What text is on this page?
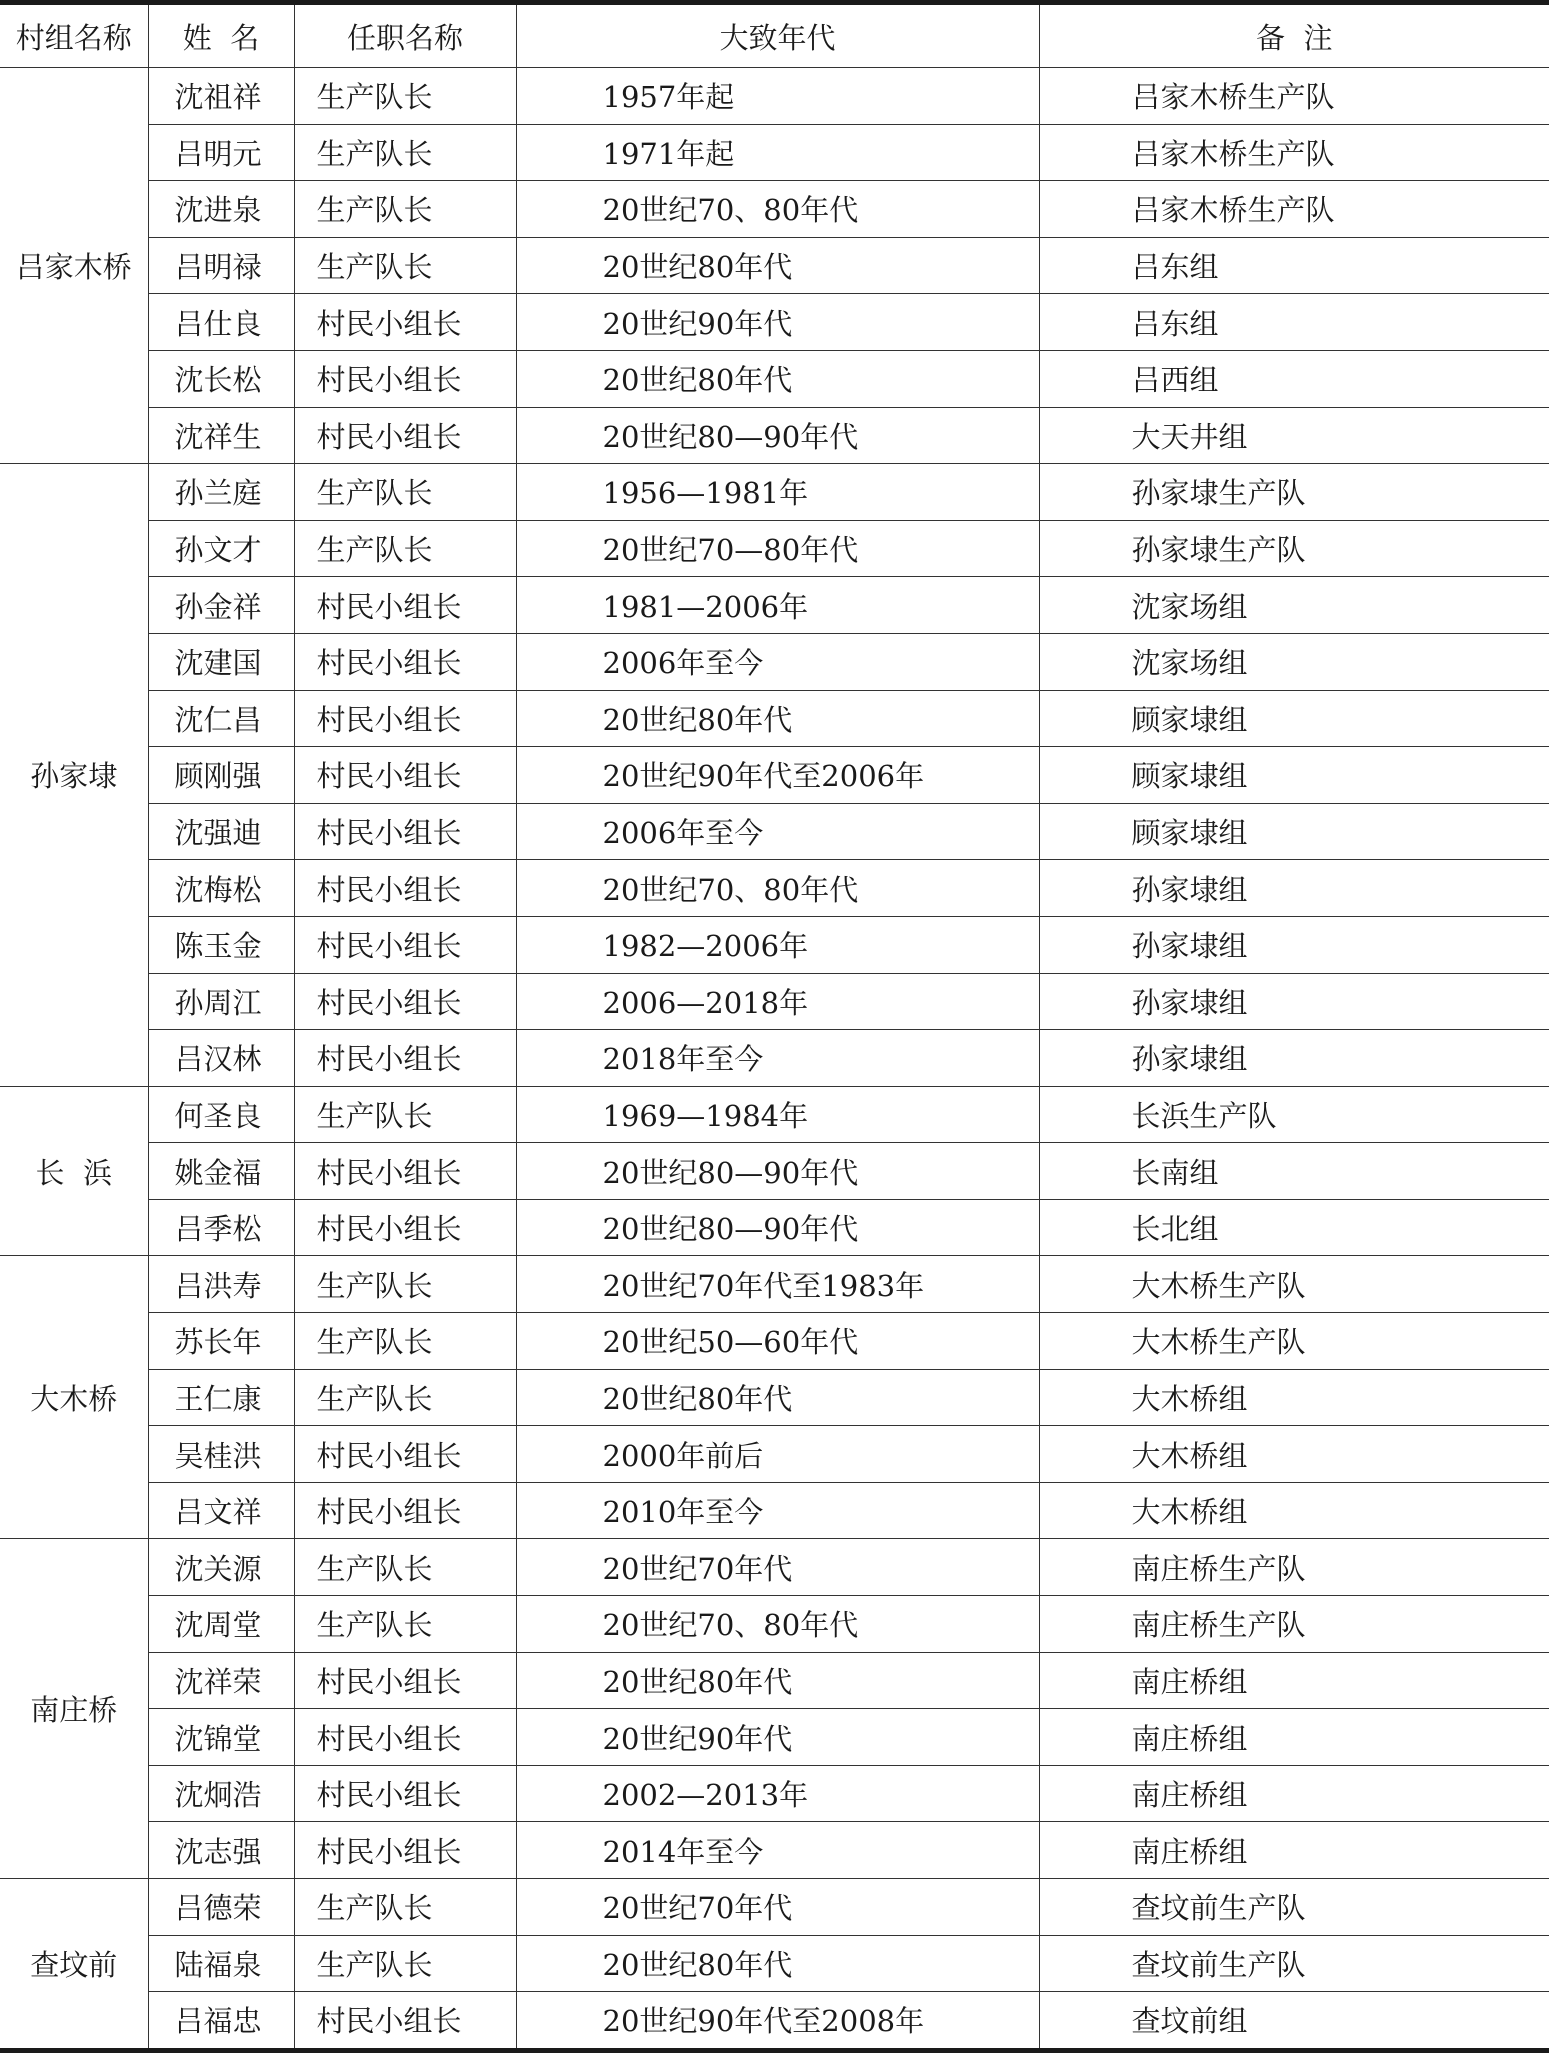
村组名称	姓  名	任职名称	大致年代	备  注
吕家木桥	沈祖祥	生产队长	1957年起	吕家木桥生产队
	吕明元	生产队长	1971年起	吕家木桥生产队
	沈进泉	生产队长	20世纪70、80年代	吕家木桥生产队
	吕明禄	生产队长	20世纪80年代	吕东组
	吕仕良	村民小组长	20世纪90年代	吕东组
	沈长松	村民小组长	20世纪80年代	吕西组
	沈祥生	村民小组长	20世纪80—90年代	大天井组
孙家埭	孙兰庭	生产队长	1956—1981年	孙家埭生产队
	孙文才	生产队长	20世纪70—80年代	孙家埭生产队
	孙金祥	村民小组长	1981—2006年	沈家场组
	沈建国	村民小组长	2006年至今	沈家场组
	沈仁昌	村民小组长	20世纪80年代	顾家埭组
	顾刚强	村民小组长	20世纪90年代至2006年	顾家埭组
	沈强迪	村民小组长	2006年至今	顾家埭组
	沈梅松	村民小组长	20世纪70、80年代	孙家埭组
	陈玉金	村民小组长	1982—2006年	孙家埭组
	孙周江	村民小组长	2006—2018年	孙家埭组
	吕汉林	村民小组长	2018年至今	孙家埭组
长  浜	何圣良	生产队长	1969—1984年	长浜生产队
	姚金福	村民小组长	20世纪80—90年代	长南组
	吕季松	村民小组长	20世纪80—90年代	长北组
大木桥	吕洪寿	生产队长	20世纪70年代至1983年	大木桥生产队
	苏长年	生产队长	20世纪50—60年代	大木桥生产队
	王仁康	生产队长	20世纪80年代	大木桥组
	吴桂洪	村民小组长	2000年前后	大木桥组
	吕文祥	村民小组长	2010年至今	大木桥组
南庄桥	沈关源	生产队长	20世纪70年代	南庄桥生产队
	沈周堂	生产队长	20世纪70、80年代	南庄桥生产队
	沈祥荣	村民小组长	20世纪80年代	南庄桥组
	沈锦堂	村民小组长	20世纪90年代	南庄桥组
	沈炯浩	村民小组长	2002—2013年	南庄桥组
	沈志强	村民小组长	2014年至今	南庄桥组
查坟前	吕德荣	生产队长	20世纪70年代	查坟前生产队
	陆福泉	生产队长	20世纪80年代	查坟前生产队
	吕福忠	村民小组长	20世纪90年代至2008年	查坟前组
